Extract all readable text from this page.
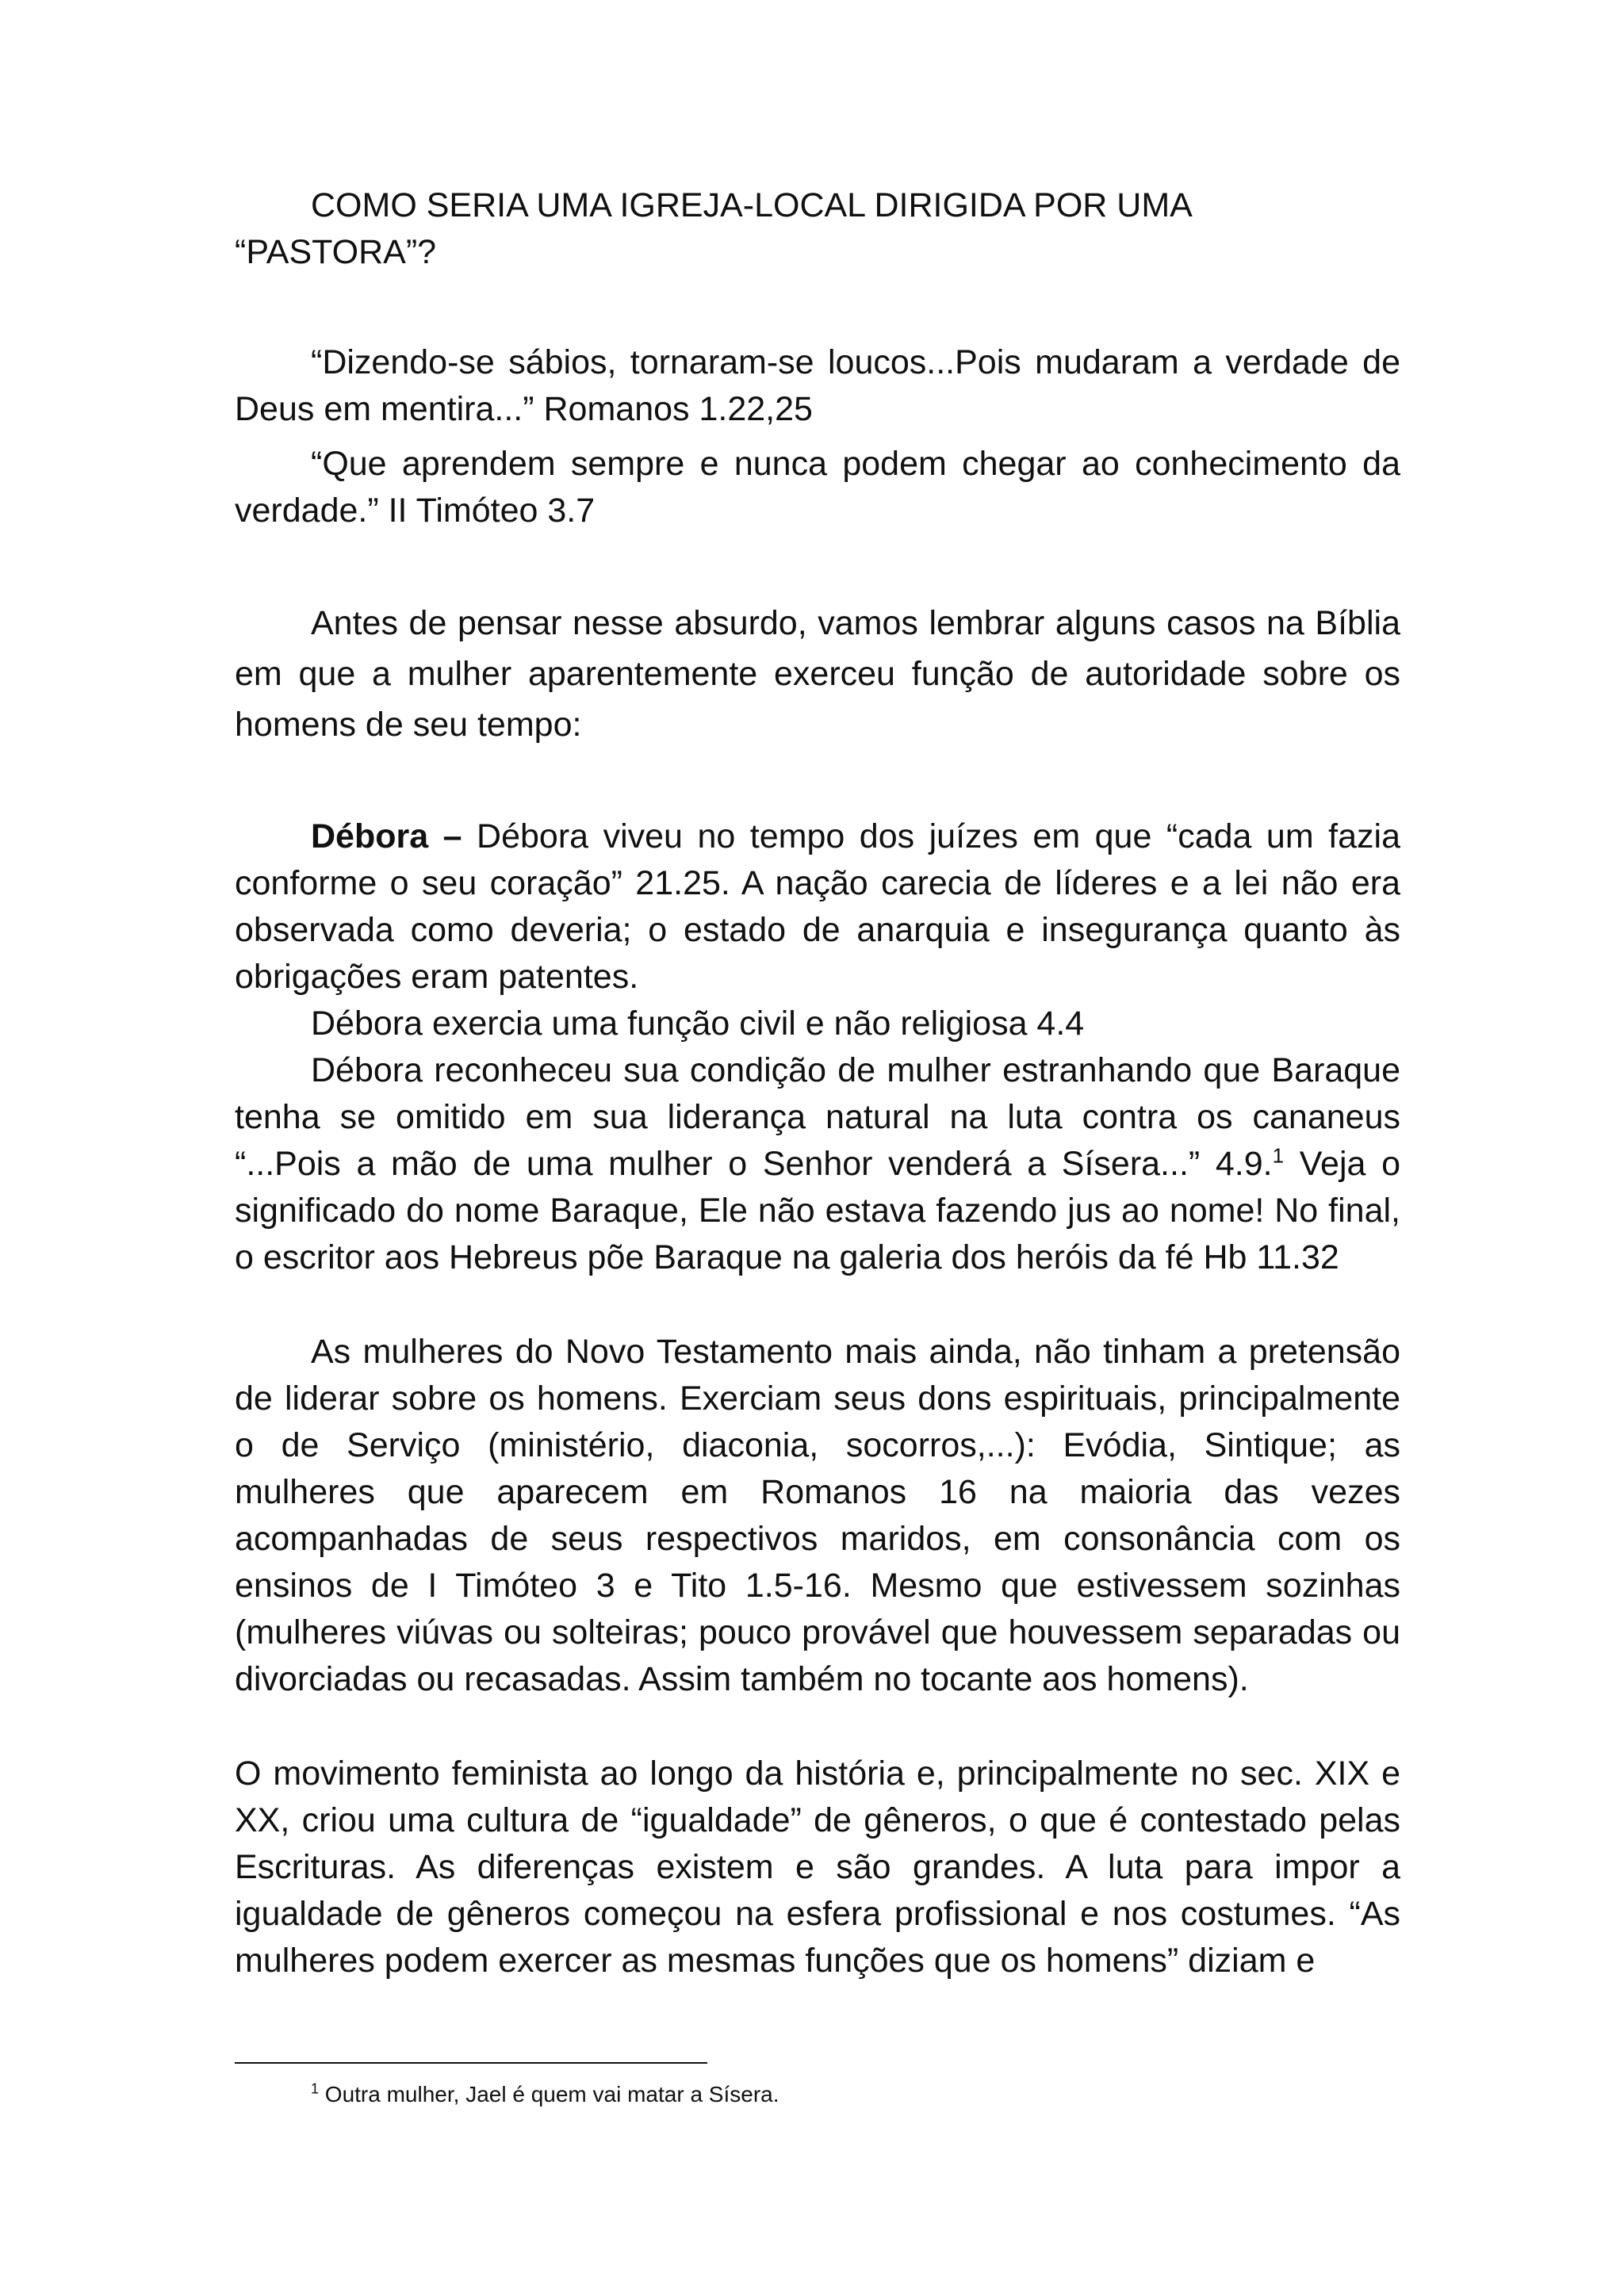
COMO SERIA UMA IGREJA-LOCAL DIRIGIDA POR UMA “PASTORA”?

“Dizendo-se sábios, tornaram-se loucos...Pois mudaram a verdade de Deus em mentira...” Romanos 1.22,25

“Que aprendem sempre e nunca podem chegar ao conhecimento da verdade.” II Timóteo 3.7

Antes de pensar nesse absurdo, vamos lembrar alguns casos na Bíblia em que a mulher aparentemente exerceu função de autoridade sobre os homens de seu tempo:

Débora – Débora viveu no tempo dos juízes em que “cada um fazia conforme o seu coração” 21.25. A nação carecia de líderes e a lei não era observada como deveria; o estado de anarquia e insegurança quanto às obrigações eram patentes.

Débora exercia uma função civil e não religiosa 4.4

Débora reconheceu sua condição de mulher estranhando que Baraque tenha se omitido em sua liderança natural na luta contra os cananeus “...Pois a mão de uma mulher o Senhor venderá a Sísera...” 4.9.$^1$ Veja o significado do nome Baraque, Ele não estava fazendo jus ao nome! No final, o escritor aos Hebreus põe Baraque na galeria dos heróis da fé Hb 11.32

As mulheres do Novo Testamento mais ainda, não tinham a pretensão de liderar sobre os homens. Exerciam seus dons espirituais, principalmente o de Serviço (ministério, diaconia, socorros,...): Evódia, Sintique; as mulheres que aparecem em Romanos 16 na maioria das vezes acompanhadas de seus respectivos maridos, em consonância com os ensinos de I Timóteo 3 e Tito 1.5-16. Mesmo que estivessem sozinhas (mulheres viúvas ou solteiras; pouco provável que houvessem separadas ou divorciadas ou recasadas. Assim também no tocante aos homens).

O movimento feminista ao longo da história e, principalmente no sec. XIX e XX, criou uma cultura de “igualdade” de gêneros, o que é contestado pelas Escrituras. As diferenças existem e são grandes. A luta para impor a igualdade de gêneros começou na esfera profissional e nos costumes. “As mulheres podem exercer as mesmas funções que os homens” diziam e

$^1$ Outra mulher, Jael é quem vai matar a Sísera.
